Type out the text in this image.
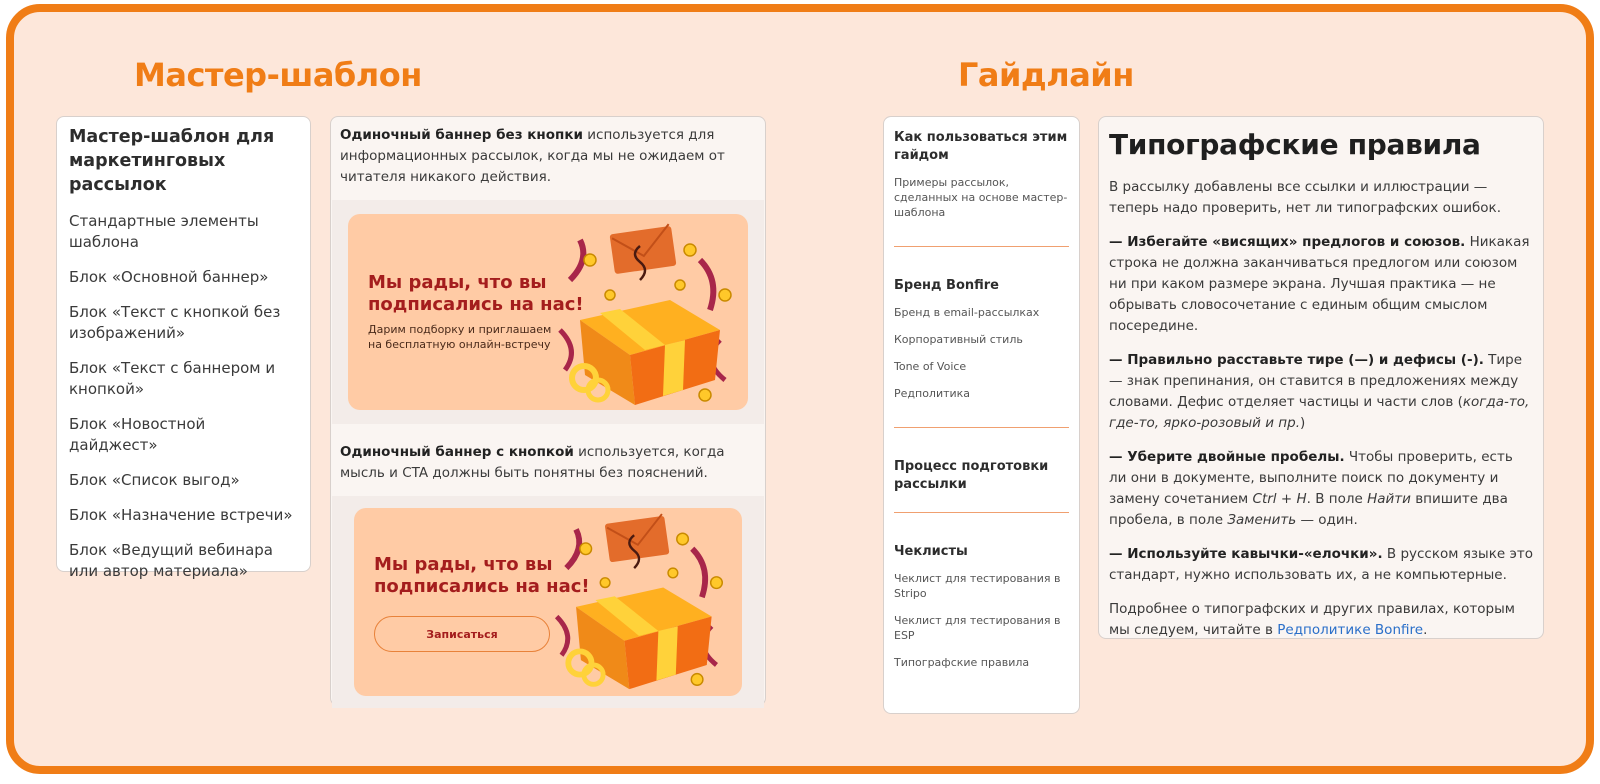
Мастер-шаблон
Мастер-шаблон для маркетинговых рассылок
Стандартные элементы шаблона
Блок «Основной баннер»
Блок «Текст с кнопкой без изображений»
Блок «Текст с баннером и кнопкой»
Блок «Новостной дайджест»
Блок «Список выгод»
Блок «Назначение встречи»
Блок «Ведущий вебинара или автор материала»

Одиночный баннер без кнопки используется для информационных рассылок, когда мы не ожидаем от читателя никакого действия.

Мы рады, что вы подписались на нас!
Дарим подборку и приглашаем на бесплатную онлайн-встречу

Одиночный баннер с кнопкой используется, когда мысль и CTA должны быть понятны без пояснений.

Мы рады, что вы подписались на нас!
Записаться
Гайдлайн
Как пользоваться этим гайдом
Примеры рассылок, сделанных на основе мастер-шаблона
Бренд Bonfire
Бренд в email-рассылках
Корпоративный стиль
Tone of Voice
Редполитика
Процесс подготовки рассылки
Чеклисты
Чеклист для тестирования в Stripo
Чеклист для тестирования в ESP
Типографские правила
Типографские правила

В рассылку добавлены все ссылки и иллюстрации — теперь надо проверить, нет ли типографских ошибок.

— Избегайте «висящих» предлогов и союзов. Никакая строка не должна заканчиваться предлогом или союзом ни при каком размере экрана. Лучшая практика — не обрывать словосочетание с единым общим смыслом посередине.

— Правильно расставьте тире (—) и дефисы (-). Тире — знак препинания, он ставится в предложениях между словами. Дефис отделяет частицы и части слов (когда-то, где-то, ярко-розовый и пр.)

— Уберите двойные пробелы. Чтобы проверить, есть ли они в документе, выполните поиск по документу и замену сочетанием Ctrl + H. В поле Найти впишите два пробела, в поле Заменить — один.

— Используйте кавычки-«елочки». В русском языке это стандарт, нужно использовать их, а не компьютерные.

Подробнее о типографских и других правилах, которым мы следуем, читайте в Редполитике Bonfire.
